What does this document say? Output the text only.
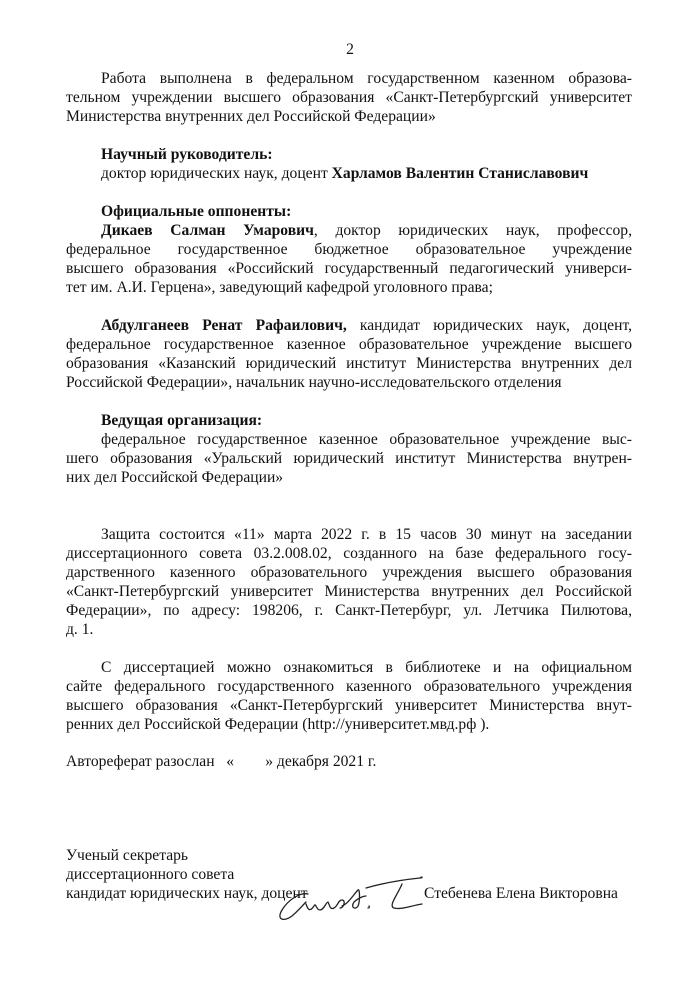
2
Работа выполнена в федеральном государственном казенном образова-
тельном учреждении высшего образования «Санкт-Петербургский университет
Министерства внутренних дел Российской Федерации»
Научный руководитель:
доктор юридических наук, доцент Харламов Валентин Станиславович
Официальные оппоненты:
Дикаев Салман Умарович, доктор юридических наук, профессор,
федеральное государственное бюджетное образовательное учреждение
высшего образования «Российский государственный педагогический универси-
тет им. А.И. Герцена», заведующий кафедрой уголовного права;
Абдулганеев Ренат Рафаилович, кандидат юридических наук, доцент,
федеральное государственное казенное образовательное учреждение высшего
образования «Казанский юридический институт Министерства внутренних дел
Российской Федерации», начальник научно-исследовательского отделения
Ведущая организация:
федеральное государственное казенное образовательное учреждение выс-
шего образования «Уральский юридический институт Министерства внутрен-
них дел Российской Федерации»
Защита состоится «11» марта 2022 г. в 15 часов 30 минут на заседании
диссертационного совета 03.2.008.02, созданного на базе федерального госу-
дарственного казенного образовательного учреждения высшего образования
«Санкт-Петербургский университет Министерства внутренних дел Российской
Федерации», по адресу: 198206, г. Санкт-Петербург, ул. Летчика Пилютова,
д. 1.
С диссертацией можно ознакомиться в библиотеке и на официальном
сайте федерального государственного казенного образовательного учреждения
высшего образования «Санкт-Петербургский университет Министерства внут-
ренних дел Российской Федерации (http://университет.мвд.рф ).
Автореферат разослан   «        » декабря 2021 г.
Ученый секретарь
диссертационного совета
кандидат юридических наук, доцент	Стебенева Елена Викторовна
